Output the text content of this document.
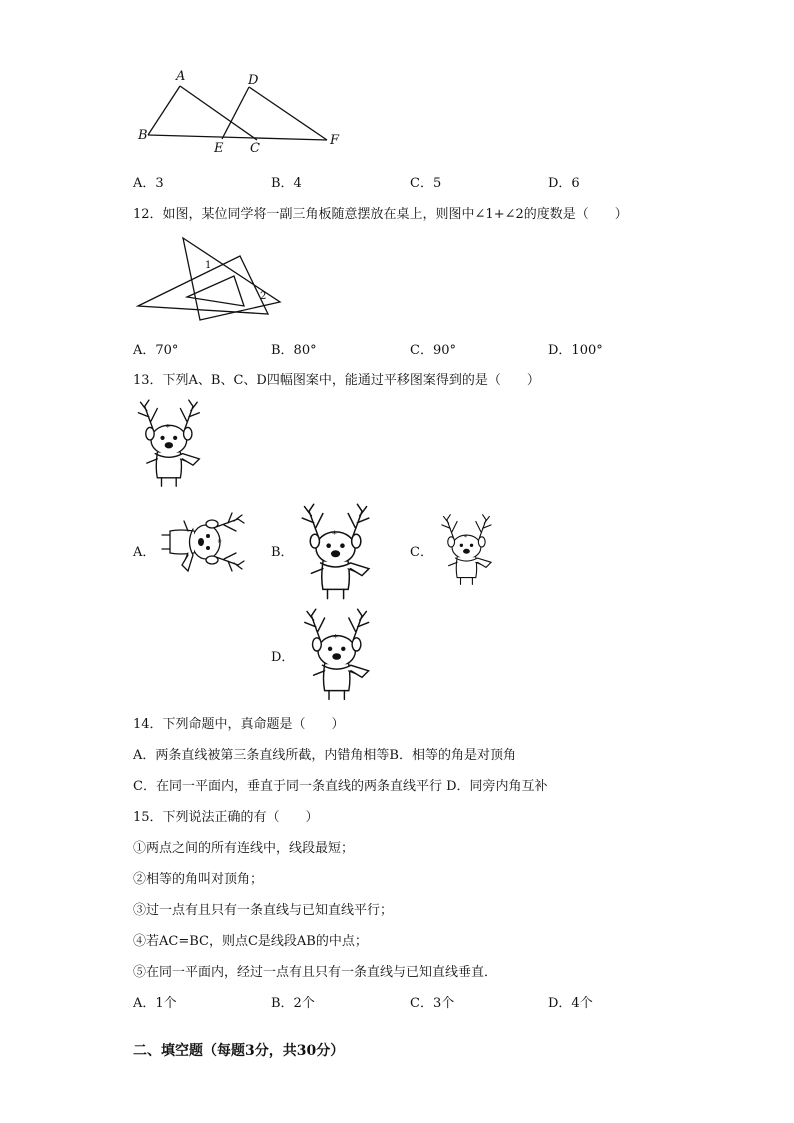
A	D
B
E C
F
A．3	B．4	C．5	D．6
12．如图，某位同学将一副三角板随意摆放在桌上，则图中∠1+∠2的度数是（　　）
1
2
A．70°	B．80°	C．90°	D．100°
13．下列A、B、C、D四幅图案中，能通过平移图案得到的是（　　）
*
A．	B．	C．
D．
14．下列命题中，真命题是（　　）
A．两条直线被第三条直线所截，内错角相等B．相等的角是对顶角
C．在同一平面内，垂直于同一条直线的两条直线平行 D．同旁内角互补
15．下列说法正确的有（　　）
①两点之间的所有连线中，线段最短；
②相等的角叫对顶角；
③过一点有且只有一条直线与已知直线平行；
④若AC=BC，则点C是线段AB的中点；
⑤在同一平面内，经过一点有且只有一条直线与已知直线垂直．
A．1个	B．2个	C．3个	D．4个
二、填空题（每题3分，共30分）
